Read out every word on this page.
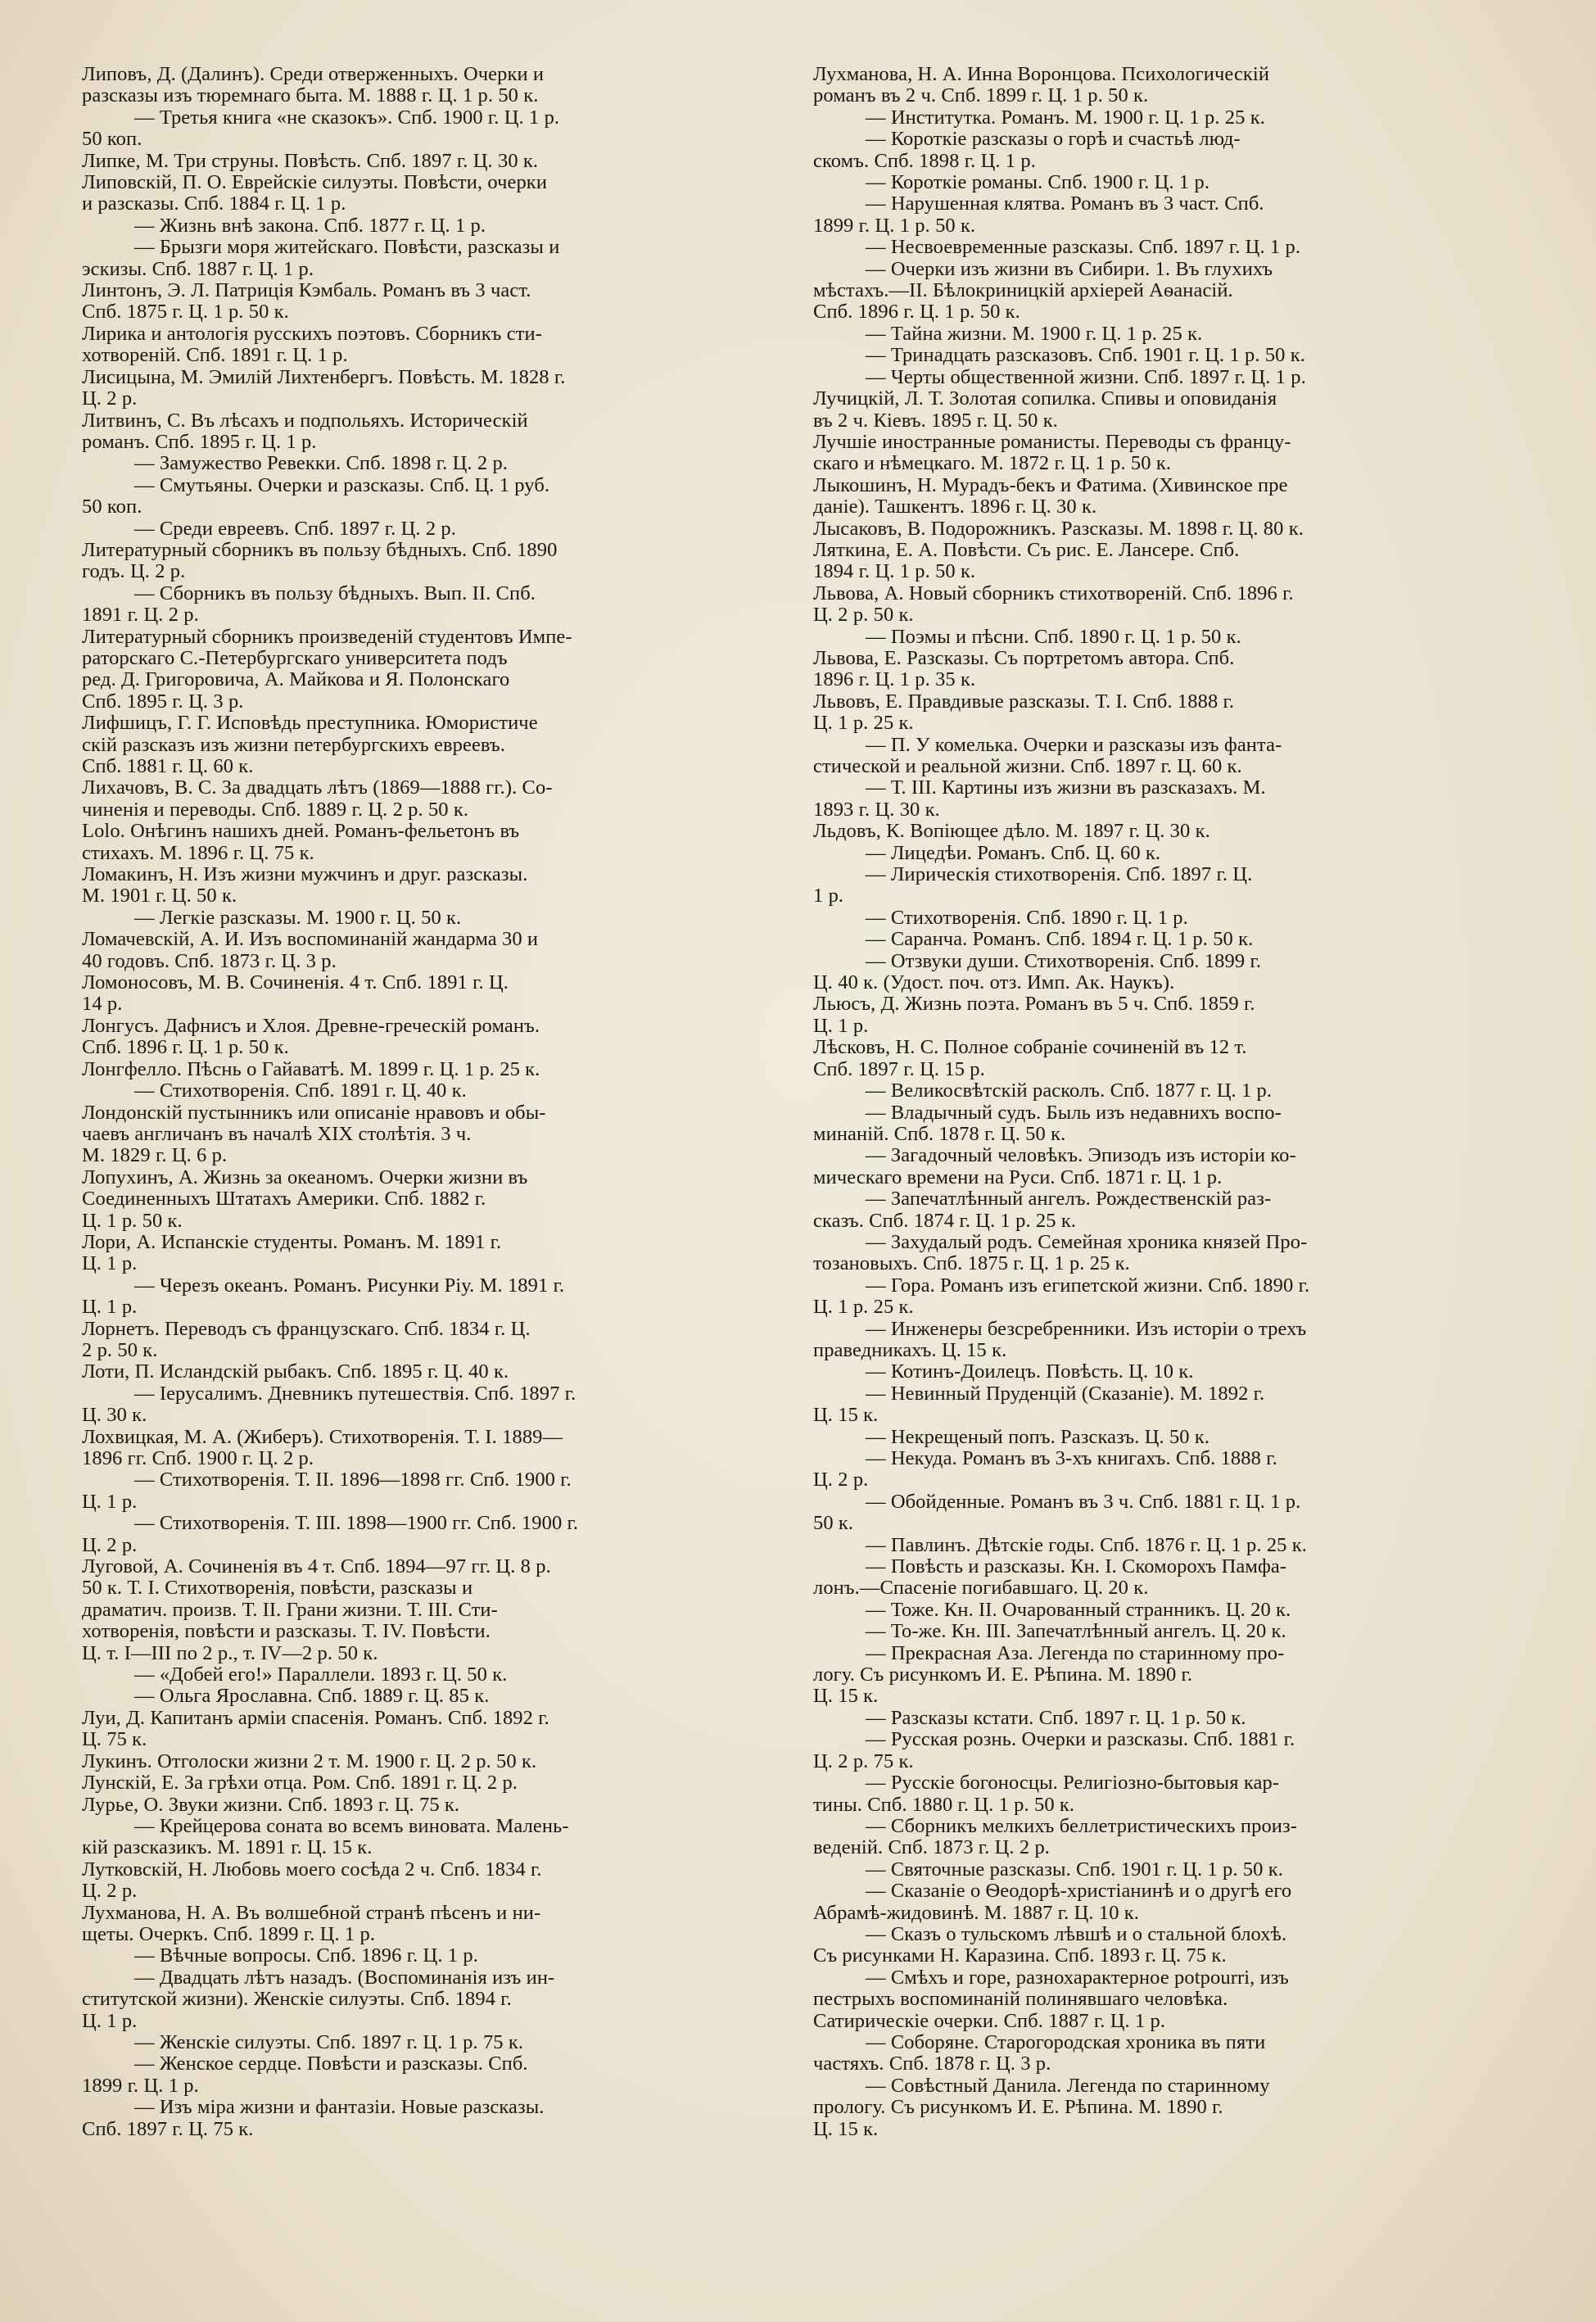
Липовъ, Д. (Далинъ). Среди отверженныхъ. Очерки и
разсказы изъ тюремнаго быта. М. 1888 г. Ц. 1 р. 50 к.
— Третья книга «не сказокъ». Спб. 1900 г. Ц. 1 р.
50 коп.
Липке, М. Три струны. Повѣсть. Спб. 1897 г. Ц. 30 к.
Липовскій, П. О. Еврейскіе силуэты. Повѣсти, очерки
и разсказы. Спб. 1884 г. Ц. 1 р.
— Жизнь внѣ закона. Спб. 1877 г. Ц. 1 р.
— Брызги моря житейскаго. Повѣсти, разсказы и
эскизы. Спб. 1887 г. Ц. 1 р.
Линтонъ, Э. Л. Патриція Кэмбаль. Романъ въ 3 част.
Спб. 1875 г. Ц. 1 р. 50 к.
Лирика и антологія русскихъ поэтовъ. Сборникъ сти-
хотвореній. Спб. 1891 г. Ц. 1 р.
Лисицына, М. Эмилій Лихтенбергъ. Повѣсть. М. 1828 г.
Ц. 2 р.
Литвинъ, С. Въ лѣсахъ и подпольяхъ. Историческій
романъ. Спб. 1895 г. Ц. 1 р.
— Замужество Ревекки. Спб. 1898 г. Ц. 2 р.
— Смутьяны. Очерки и разсказы. Спб. Ц. 1 руб.
50 коп.
— Среди евреевъ. Спб. 1897 г. Ц. 2 р.
Литературный сборникъ въ пользу бѣдныхъ. Спб. 1890
годъ. Ц. 2 р.
— Сборникъ въ пользу бѣдныхъ. Вып. II. Спб.
1891 г. Ц. 2 р.
Литературный сборникъ произведеній студентовъ Импе-
раторскаго С.-Петербургскаго университета подъ
ред. Д. Григоровича, А. Майкова и Я. Полонскаго
Спб. 1895 г. Ц. 3 р.
Лифшицъ, Г. Г. Исповѣдь преступника. Юмористиче
скій разсказъ изъ жизни петербургскихъ евреевъ.
Спб. 1881 г. Ц. 60 к.
Лихачовъ, В. С. За двадцать лѣтъ (1869—1888 гг.). Со-
чиненія и переводы. Спб. 1889 г. Ц. 2 р. 50 к.
Lolo. Онѣгинъ нашихъ дней. Романъ-фельетонъ въ
стихахъ. М. 1896 г. Ц. 75 к.
Ломакинъ, Н. Изъ жизни мужчинъ и друг. разсказы.
М. 1901 г. Ц. 50 к.
— Легкіе разсказы. М. 1900 г. Ц. 50 к.
Ломачевскій, А. И. Изъ воспоминаній жандарма 30 и
40 годовъ. Спб. 1873 г. Ц. 3 р.
Ломоносовъ, М. В. Сочиненія. 4 т. Спб. 1891 г. Ц.
14 р.
Лонгусъ. Дафнисъ и Хлоя. Древне-греческій романъ.
Спб. 1896 г. Ц. 1 р. 50 к.
Лонгфелло. Пѣснь о Гайаватѣ. М. 1899 г. Ц. 1 р. 25 к.
— Стихотворенія. Спб. 1891 г. Ц. 40 к.
Лондонскій пустынникъ или описаніе нравовъ и обы-
чаевъ англичанъ въ началѣ XIX столѣтія. 3 ч.
М. 1829 г. Ц. 6 р.
Лопухинъ, А. Жизнь за океаномъ. Очерки жизни въ
Соединенныхъ Штатахъ Америки. Спб. 1882 г.
Ц. 1 р. 50 к.
Лори, А. Испанскіе студенты. Романъ. М. 1891 г.
Ц. 1 р.
— Черезъ океанъ. Романъ. Рисунки Ріу. М. 1891 г.
Ц. 1 р.
Лорнетъ. Переводъ съ французскаго. Спб. 1834 г. Ц.
2 р. 50 к.
Лоти, П. Исландскій рыбакъ. Спб. 1895 г. Ц. 40 к.
— Іерусалимъ. Дневникъ путешествія. Спб. 1897 г.
Ц. 30 к.
Лохвицкая, М. А. (Жиберъ). Стихотворенія. Т. I. 1889—
1896 гг. Спб. 1900 г. Ц. 2 р.
— Стихотворенія. Т. II. 1896—1898 гг. Спб. 1900 г.
Ц. 1 р.
— Стихотворенія. Т. III. 1898—1900 гг. Спб. 1900 г.
Ц. 2 р.
Луговой, А. Сочиненія въ 4 т. Спб. 1894—97 гг. Ц. 8 р.
50 к. Т. I. Стихотворенія, повѣсти, разсказы и
драматич. произв. Т. II. Грани жизни. Т. III. Сти-
хотворенія, повѣсти и разсказы. Т. IV. Повѣсти.
Ц. т. I—III по 2 р., т. IV—2 р. 50 к.
— «Добей его!» Параллели. 1893 г. Ц. 50 к.
— Ольга Ярославна. Спб. 1889 г. Ц. 85 к.
Луи, Д. Капитанъ арміи спасенія. Романъ. Спб. 1892 г.
Ц. 75 к.
Лукинъ. Отголоски жизни 2 т. М. 1900 г. Ц. 2 р. 50 к.
Лунскій, Е. За грѣхи отца. Ром. Спб. 1891 г. Ц. 2 р.
Лурье, О. Звуки жизни. Спб. 1893 г. Ц. 75 к.
— Крейцерова соната во всемъ виновата. Малень-
кій разсказикъ. М. 1891 г. Ц. 15 к.
Лутковскій, Н. Любовь моего сосѣда 2 ч. Спб. 1834 г.
Ц. 2 р.
Лухманова, Н. А. Въ волшебной странѣ пѣсенъ и ни-
щеты. Очеркъ. Спб. 1899 г. Ц. 1 р.
— Вѣчные вопросы. Спб. 1896 г. Ц. 1 р.
— Двадцать лѣтъ назадъ. (Воспоминанія изъ ин-
ститутской жизни). Женскіе силуэты. Спб. 1894 г.
Ц. 1 р.
— Женскіе силуэты. Спб. 1897 г. Ц. 1 р. 75 к.
— Женское сердце. Повѣсти и разсказы. Спб.
1899 г. Ц. 1 р.
— Изъ міра жизни и фантазіи. Новые разсказы.
Спб. 1897 г. Ц. 75 к.
Лухманова, Н. А. Инна Воронцова. Психологическій
романъ въ 2 ч. Спб. 1899 г. Ц. 1 р. 50 к.
— Институтка. Романъ. М. 1900 г. Ц. 1 р. 25 к.
— Короткіе разсказы о горѣ и счастьѣ люд-
скомъ. Спб. 1898 г. Ц. 1 р.
— Короткіе романы. Спб. 1900 г. Ц. 1 р.
— Нарушенная клятва. Романъ въ 3 част. Спб.
1899 г. Ц. 1 р. 50 к.
— Несвоевременные разсказы. Спб. 1897 г. Ц. 1 р.
— Очерки изъ жизни въ Сибири. 1. Въ глухихъ
мѣстахъ.—II. Бѣлокриницкій архіерей Аѳанасій.
Спб. 1896 г. Ц. 1 р. 50 к.
— Тайна жизни. М. 1900 г. Ц. 1 р. 25 к.
— Тринадцать разсказовъ. Спб. 1901 г. Ц. 1 р. 50 к.
— Черты общественной жизни. Спб. 1897 г. Ц. 1 р.
Лучицкій, Л. Т. Золотая сопилка. Спивы и оповиданія
въ 2 ч. Кіевъ. 1895 г. Ц. 50 к.
Лучшіе иностранные романисты. Переводы съ францу-
скаго и нѣмецкаго. М. 1872 г. Ц. 1 р. 50 к.
Лыкошинъ, Н. Мурадъ-бекъ и Фатима. (Хивинское пре
даніе). Ташкентъ. 1896 г. Ц. 30 к.
Лысаковъ, В. Подорожникъ. Разсказы. М. 1898 г. Ц. 80 к.
Ляткина, Е. А. Повѣсти. Съ рис. Е. Лансере. Спб.
1894 г. Ц. 1 р. 50 к.
Львова, А. Новый сборникъ стихотвореній. Спб. 1896 г.
Ц. 2 р. 50 к.
— Поэмы и пѣсни. Спб. 1890 г. Ц. 1 р. 50 к.
Львова, Е. Разсказы. Съ портретомъ автора. Спб.
1896 г. Ц. 1 р. 35 к.
Львовъ, Е. Правдивые разсказы. Т. I. Спб. 1888 г.
Ц. 1 р. 25 к.
— П. У комелька. Очерки и разсказы изъ фанта-
стической и реальной жизни. Спб. 1897 г. Ц. 60 к.
— Т. III. Картины изъ жизни въ разсказахъ. М.
1893 г. Ц. 30 к.
Льдовъ, К. Вопіющее дѣло. М. 1897 г. Ц. 30 к.
— Лицедѣи. Романъ. Спб. Ц. 60 к.
— Лирическія стихотворенія. Спб. 1897 г. Ц.
1 р.
— Стихотворенія. Спб. 1890 г. Ц. 1 р.
— Саранча. Романъ. Спб. 1894 г. Ц. 1 р. 50 к.
— Отзвуки души. Стихотворенія. Спб. 1899 г.
Ц. 40 к. (Удост. поч. отз. Имп. Ак. Наукъ).
Льюсъ, Д. Жизнь поэта. Романъ въ 5 ч. Спб. 1859 г.
Ц. 1 р.
Лѣсковъ, Н. С. Полное собраніе сочиненій въ 12 т.
Спб. 1897 г. Ц. 15 р.
— Великосвѣтскій расколъ. Спб. 1877 г. Ц. 1 р.
— Владычный судъ. Быль изъ недавнихъ воспо-
минаній. Спб. 1878 г. Ц. 50 к.
— Загадочный человѣкъ. Эпизодъ изъ исторіи ко-
мическаго времени на Руси. Спб. 1871 г. Ц. 1 р.
— Запечатлѣнный ангелъ. Рождественскій раз-
сказъ. Спб. 1874 г. Ц. 1 р. 25 к.
— Захудалый родъ. Семейная хроника князей Про-
тозановыхъ. Спб. 1875 г. Ц. 1 р. 25 к.
— Гора. Романъ изъ египетской жизни. Спб. 1890 г.
Ц. 1 р. 25 к.
— Инженеры безсребренники. Изъ исторіи о трехъ
праведникахъ. Ц. 15 к.
— Котинъ-Доилецъ. Повѣсть. Ц. 10 к.
— Невинный Пруденцій (Сказаніе). М. 1892 г.
Ц. 15 к.
— Некрещеный попъ. Разсказъ. Ц. 50 к.
— Некуда. Романъ въ 3-хъ книгахъ. Спб. 1888 г.
Ц. 2 р.
— Обойденные. Романъ въ 3 ч. Спб. 1881 г. Ц. 1 р.
50 к.
— Павлинъ. Дѣтскіе годы. Спб. 1876 г. Ц. 1 р. 25 к.
— Повѣсть и разсказы. Кн. I. Скоморохъ Памфа-
лонъ.—Спасеніе погибавшаго. Ц. 20 к.
— Тоже. Кн. II. Очарованный странникъ. Ц. 20 к.
— То-же. Кн. III. Запечатлѣнный ангелъ. Ц. 20 к.
— Прекрасная Аза. Легенда по старинному про-
логу. Съ рисункомъ И. Е. Рѣпина. М. 1890 г.
Ц. 15 к.
— Разсказы кстати. Спб. 1897 г. Ц. 1 р. 50 к.
— Русская рознь. Очерки и разсказы. Спб. 1881 г.
Ц. 2 р. 75 к.
— Русскіе богоносцы. Религіозно-бытовыя кар-
тины. Спб. 1880 г. Ц. 1 р. 50 к.
— Сборникъ мелкихъ беллетристическихъ произ-
веденій. Спб. 1873 г. Ц. 2 р.
— Святочные разсказы. Спб. 1901 г. Ц. 1 р. 50 к.
— Сказаніе о Ѳеодорѣ-христіанинѣ и о другѣ его
Абрамѣ-жидовинѣ. М. 1887 г. Ц. 10 к.
— Сказъ о тульскомъ лѣвшѣ и о стальной блохѣ.
Съ рисунками Н. Каразина. Спб. 1893 г. Ц. 75 к.
— Смѣхъ и горе, разнохарактерное potpourri, изъ
пестрыхъ воспоминаній полинявшаго человѣка.
Сатирическіе очерки. Спб. 1887 г. Ц. 1 р.
— Соборяне. Старогородская хроника въ пяти
частяхъ. Спб. 1878 г. Ц. 3 р.
— Совѣстный Данила. Легенда по старинному
прологу. Съ рисункомъ И. Е. Рѣпина. М. 1890 г.
Ц. 15 к.
